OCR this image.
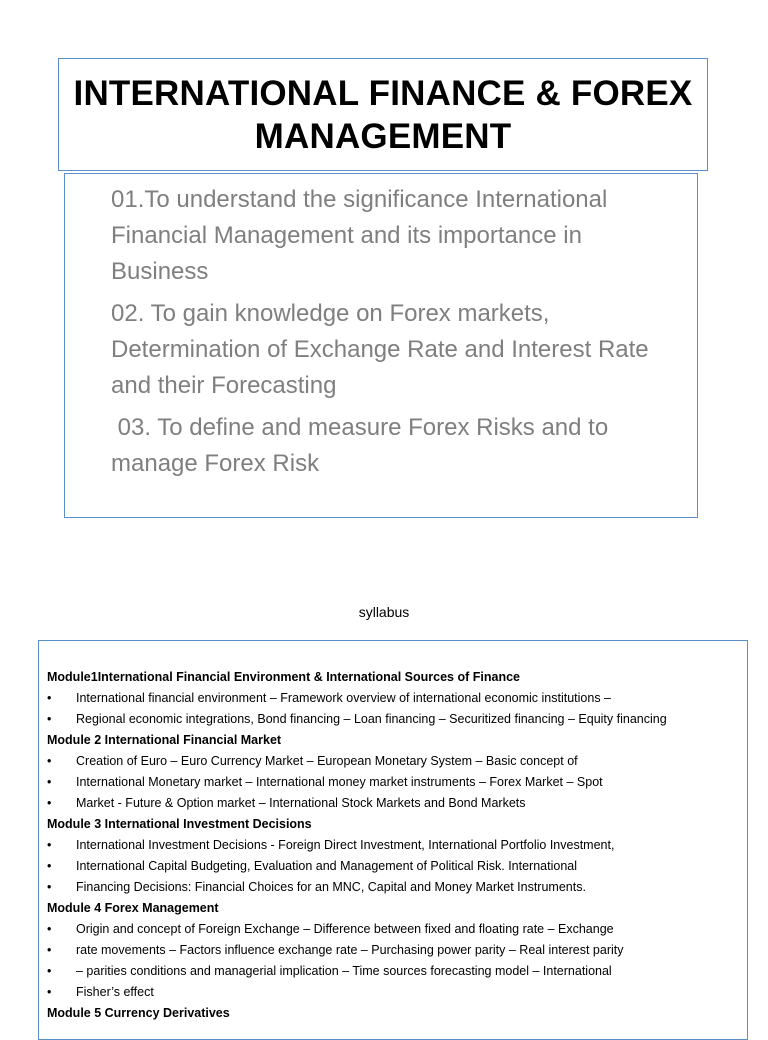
INTERNATIONAL FINANCE & FOREX MANAGEMENT

01.To understand the significance International Financial Management and its importance in Business

02. To gain knowledge on Forex markets, Determination of Exchange Rate and Interest Rate and their Forecasting

03. To define and measure Forex Risks and to manage Forex Risk

syllabus
Module1International Financial Environment & International Sources of Finance
• International financial environment – Framework overview of international economic institutions –
• Regional economic integrations, Bond financing – Loan financing – Securitized financing – Equity financing
Module 2 International Financial Market
• Creation of Euro – Euro Currency Market – European Monetary System – Basic concept of
• International Monetary market – International money market instruments – Forex Market – Spot
• Market - Future & Option market – International Stock Markets and Bond Markets
Module 3 International Investment Decisions
• International Investment Decisions - Foreign Direct Investment, International Portfolio Investment,
• International Capital Budgeting, Evaluation and Management of Political Risk. International
• Financing Decisions: Financial Choices for an MNC, Capital and Money Market Instruments.
Module 4 Forex Management
• Origin and concept of Foreign Exchange – Difference between fixed and floating rate – Exchange
• rate movements – Factors influence exchange rate – Purchasing power parity – Real interest parity
• – parities conditions and managerial implication – Time sources forecasting model – International
• Fisher’s effect
Module 5 Currency Derivatives
